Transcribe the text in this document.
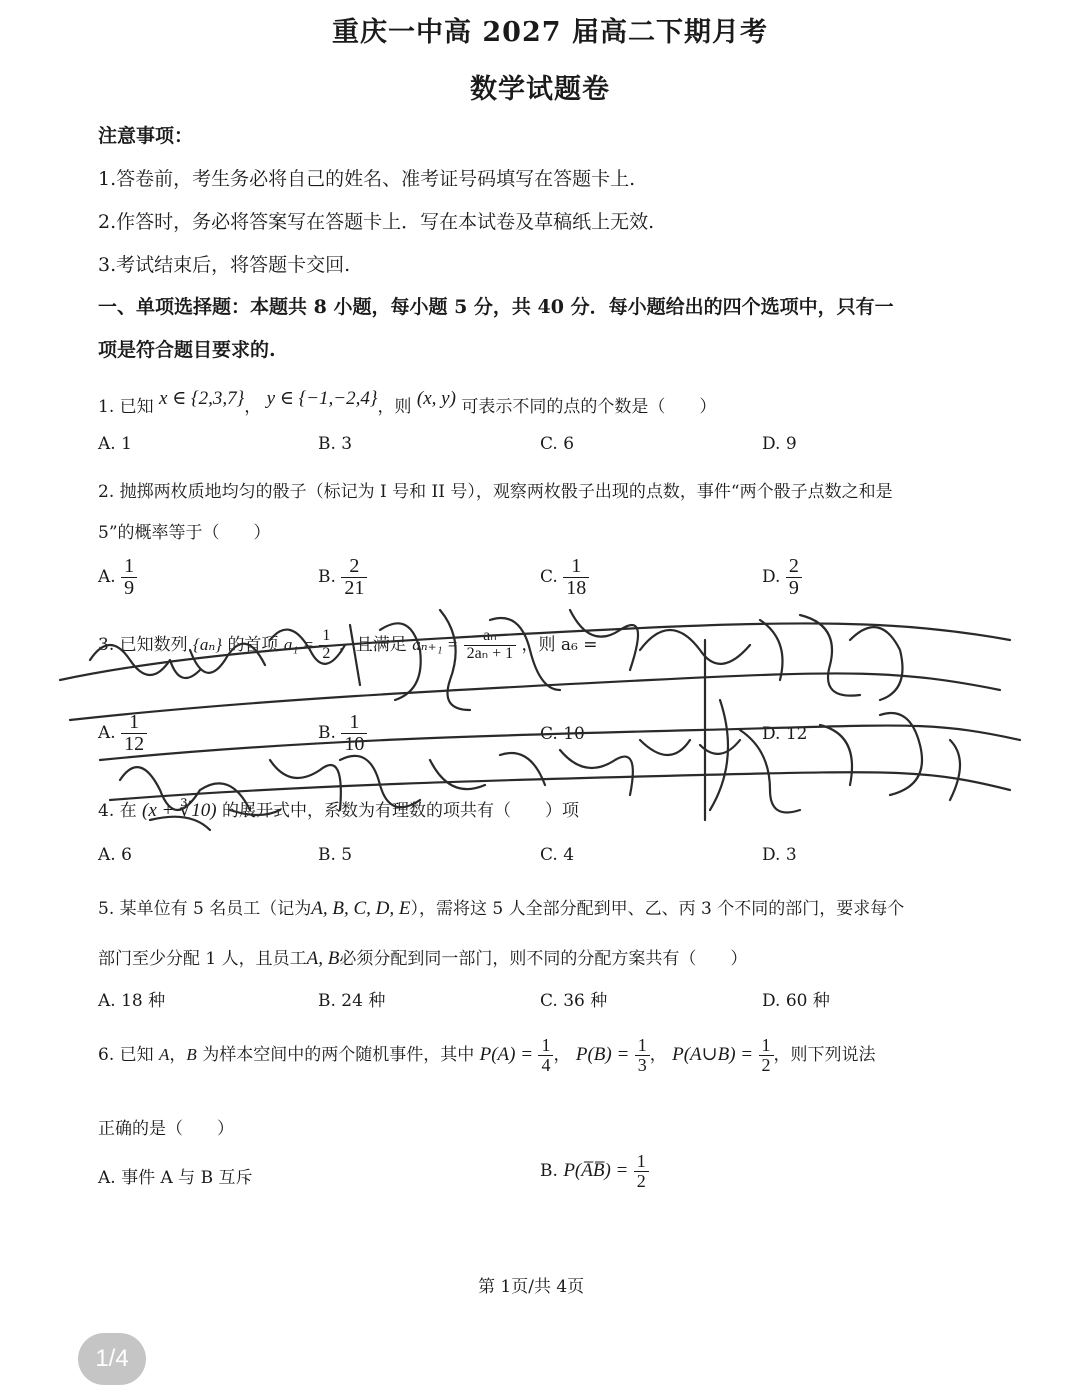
重庆一中高 2027 届高二下期月考
数学试题卷
注意事项：
1.答卷前，考生务必将自己的姓名、准考证号码填写在答题卡上.
2.作答时，务必将答案写在答题卡上．写在本试卷及草稿纸上无效.
3.考试结束后，将答题卡交回.
一、单项选择题：本题共 8 小题，每小题 5 分，共 40 分．每小题给出的四个选项中，只有一
项是符合题目要求的.
1. 已知 x ∈ {2,3,7}， y ∈ {−1,−2,4}，则 (x, y) 可表示不同的点的个数是（　　）
A. 1	B. 3	C. 6	D. 9
2. 抛掷两枚质地均匀的骰子（标记为 I 号和 II 号），观察两枚骰子出现的点数，事件“两个骰子点数之和是
5”的概率等于（　　）
A. $\frac{1}{9}$	B. $\frac{2}{21}$	C. $\frac{1}{18}$	D. $\frac{2}{9}$
3. 已知数列 {aₙ} 的首项 $a_1 = \frac{1}{2}$ ，且满足 $a_{n+1} = \frac{\text{aₙ}}{\text{2aₙ + 1}}$ ，则 a₆ =
A. $\frac{1}{12}$	B. $\frac{1}{10}$	C. 10	D. 12
4. 在 (x + ∛10) 的展开式中，系数为有理数的项共有（　　）项
A. 6	B. 5	C. 4	D. 3
5. 某单位有 5 名员工（记为A, B, C, D, E），需将这 5 人全部分配到甲、乙、丙 3 个不同的部门，要求每个
部门至少分配 1 人，且员工A, B必须分配到同一部门，则不同的分配方案共有（　　）
A. 18 种	B. 24 种	C. 36 种	D. 60 种
6. 已知 A，B 为样本空间中的两个随机事件，其中 $P(A) = \frac{1}{4}$ ， $P(B) = \frac{1}{3}$ ， P(A∪B) = $\frac{1}{2}$ ，则下列说法
正确的是（　　）
A. 事件 A 与 B 互斥	B. P(A̅B̅) = $\frac{1}{2}$
第 1页/共 4页
1/4
